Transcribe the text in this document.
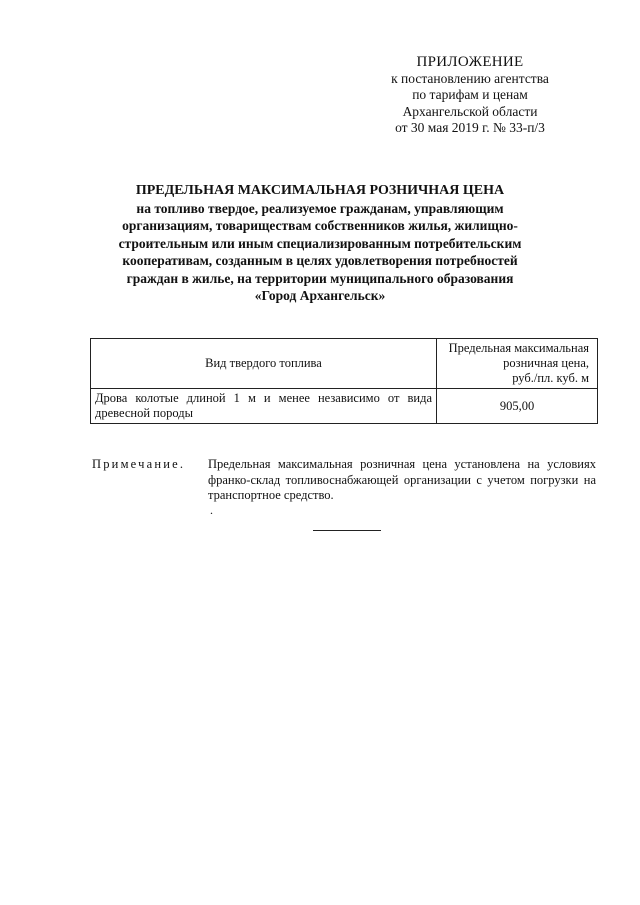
ПРИЛОЖЕНИЕ
к постановлению агентства
по тарифам и ценам
Архангельской области
от 30 мая 2019 г. № 33-п/3
ПРЕДЕЛЬНАЯ МАКСИМАЛЬНАЯ РОЗНИЧНАЯ ЦЕНА
на топливо твердое, реализуемое гражданам, управляющим
организациям, товариществам собственников жилья, жилищно-
строительным или иным специализированным потребительским
кооперативам, созданным в целях удовлетворения потребностей
граждан в жилье, на территории муниципального образования
«Город Архангельск»
Вид твердого топлива	Предельная максимальная
розничная цена,
руб./пл. куб. м

Дрова колотые длиной 1 м и менее независимо от вида древесной породы	905,00
Примечание. Предельная максимальная розничная цена установлена на условиях франко-склад топливоснабжающей организации с учетом погрузки на транспортное средство.
.
